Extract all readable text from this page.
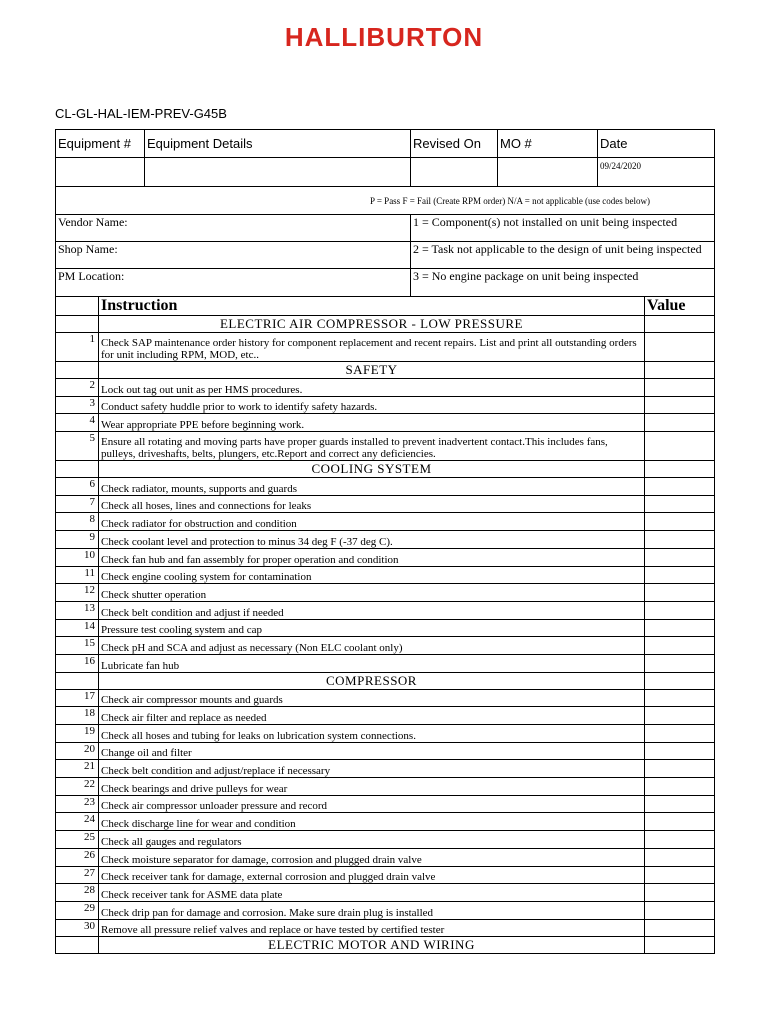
HALLIBURTON
CL-GL-HAL-IEM-PREV-G45B
Equipment #	Equipment Details	Revised On	MO #	Date
				09/24/2020
P = Pass F = Fail (Create RPM order) N/A = not applicable (use codes below)				
Vendor Name:		1 = Component(s) not installed on unit being inspected		
Shop Name:		2 = Task not applicable to the design of unit being inspected		
PM Location:		3 = No engine package on unit being inspected		
	Instruction	Value
	ELECTRIC AIR COMPRESSOR - LOW PRESSURE	
1	Check SAP maintenance order history for component replacement and recent repairs. List and print all outstanding orders for unit including RPM, MOD, etc..	
	SAFETY	
2	Lock out tag out unit as per HMS procedures.	
3	Conduct safety huddle prior to work to identify safety hazards.	
4	Wear appropriate PPE before beginning work.	
5	Ensure all rotating and moving parts have proper guards installed to prevent inadvertent contact.This includes fans, pulleys, driveshafts, belts, plungers, etc.Report and correct any deficiencies.	
	COOLING SYSTEM	
6	Check radiator, mounts, supports and guards	
7	Check all hoses, lines and connections for leaks	
8	Check radiator for obstruction and condition	
9	Check coolant level and protection to minus 34 deg F (-37 deg C).	
10	Check fan hub and fan assembly for proper operation and condition	
11	Check engine cooling system for contamination	
12	Check shutter operation	
13	Check belt condition and adjust if needed	
14	Pressure test cooling system and cap	
15	Check pH and SCA and adjust as necessary (Non ELC coolant only)	
16	Lubricate fan hub	
	COMPRESSOR	
17	Check air compressor mounts and guards	
18	Check air filter and replace as needed	
19	Check all hoses and tubing for leaks on lubrication system connections.	
20	Change oil and filter	
21	Check belt condition and adjust/replace if necessary	
22	Check bearings and drive pulleys for wear	
23	Check air compressor unloader pressure and record	
24	Check discharge line for wear and condition	
25	Check all gauges and regulators	
26	Check moisture separator for damage, corrosion and plugged drain valve	
27	Check receiver tank for damage, external corrosion and plugged drain valve	
28	Check receiver tank for ASME data plate	
29	Check drip pan for damage and corrosion. Make sure drain plug is installed	
30	Remove all pressure relief valves and replace or have tested by certified tester	
	ELECTRIC MOTOR AND WIRING	
